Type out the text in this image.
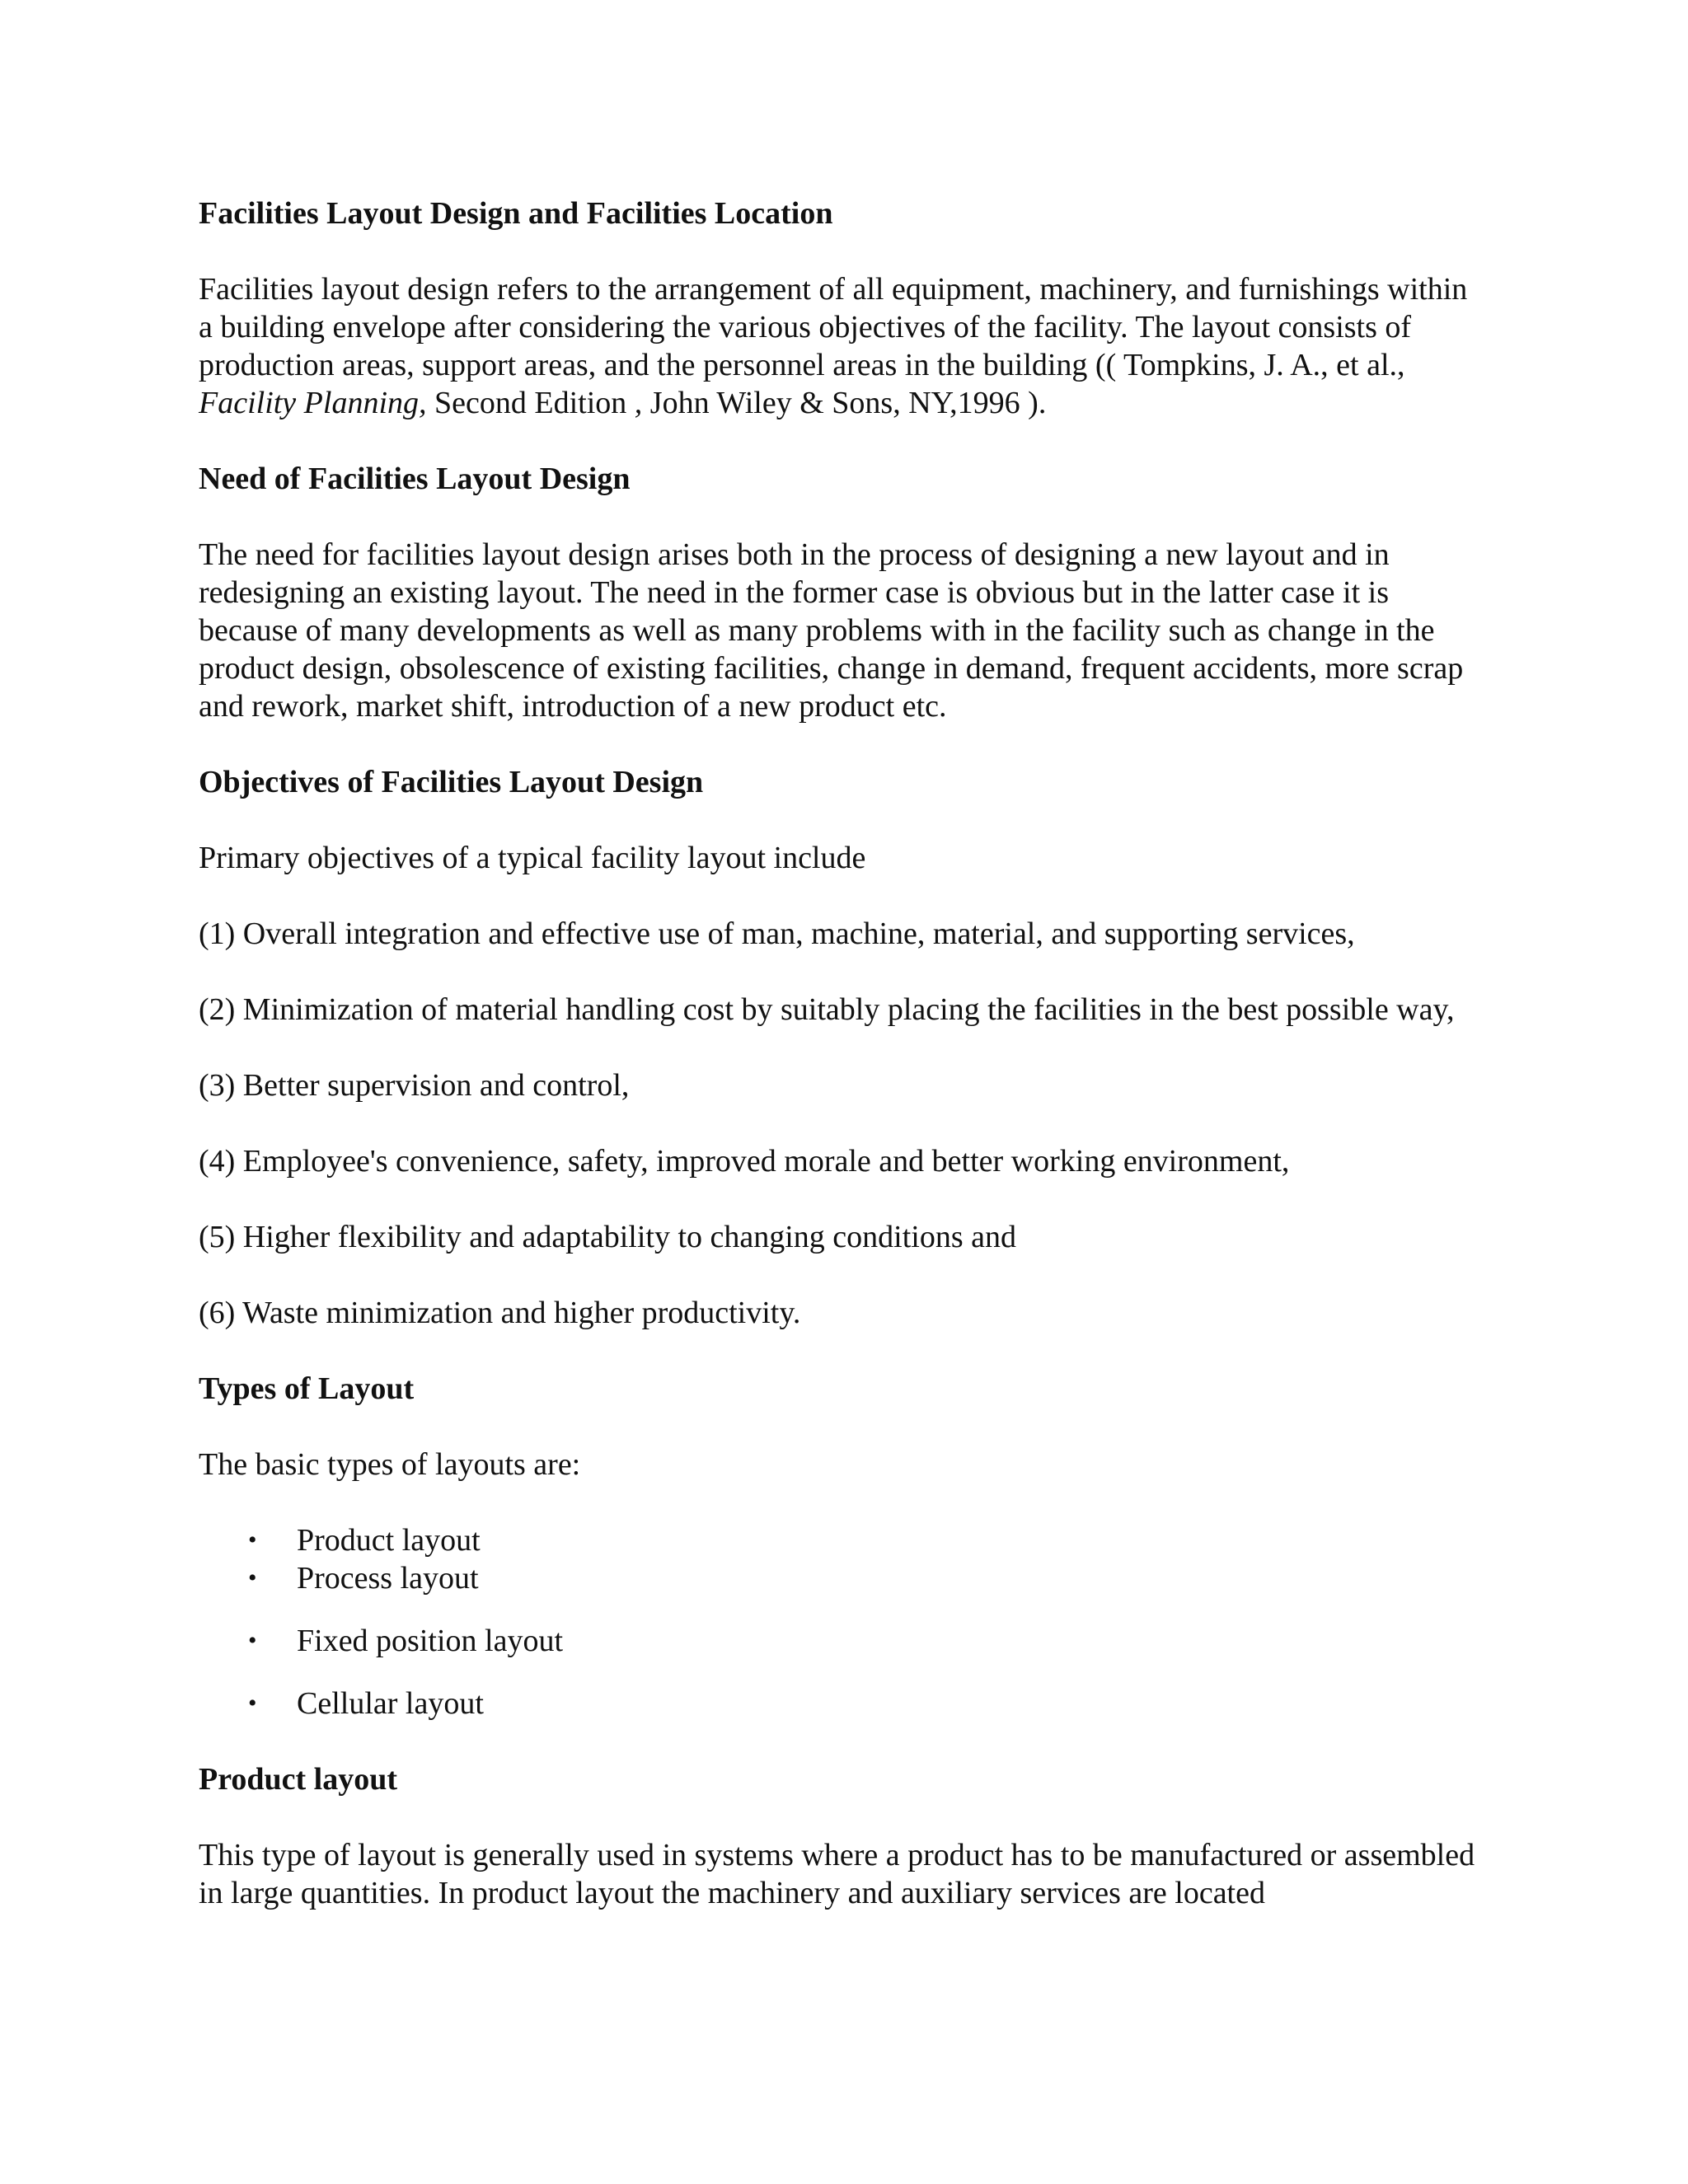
Facilities Layout Design and Facilities Location

Facilities layout design refers to the arrangement of all equipment, machinery, and furnishings within a building envelope after considering the various objectives of the facility. The layout consists of production areas, support areas, and the personnel areas in the building (( Tompkins, J. A., et al., Facility Planning, Second Edition , John Wiley & Sons, NY,1996 ).

Need of Facilities Layout Design

The need for facilities layout design arises both in the process of designing a new layout and in redesigning an existing layout. The need in the former case is obvious but in the latter case it is because of many developments as well as many problems with in the facility such as change in the product design, obsolescence of existing facilities, change in demand, frequent accidents, more scrap and rework, market shift, introduction of a new product etc.

Objectives of Facilities Layout Design

Primary objectives of a typical facility layout include

(1) Overall integration and effective use of man, machine, material, and supporting services,

(2) Minimization of material handling cost by suitably placing the facilities in the best possible way,

(3) Better supervision and control,

(4) Employee's convenience, safety, improved morale and better working environment,

(5) Higher flexibility and adaptability to changing conditions and

(6) Waste minimization and higher productivity.

Types of Layout

The basic types of layouts are:

• Product layout
• Process layout
• Fixed position layout
• Cellular layout

Product layout

This type of layout is generally used in systems where a product has to be manufactured or assembled in large quantities. In product layout the machinery and auxiliary services are located
